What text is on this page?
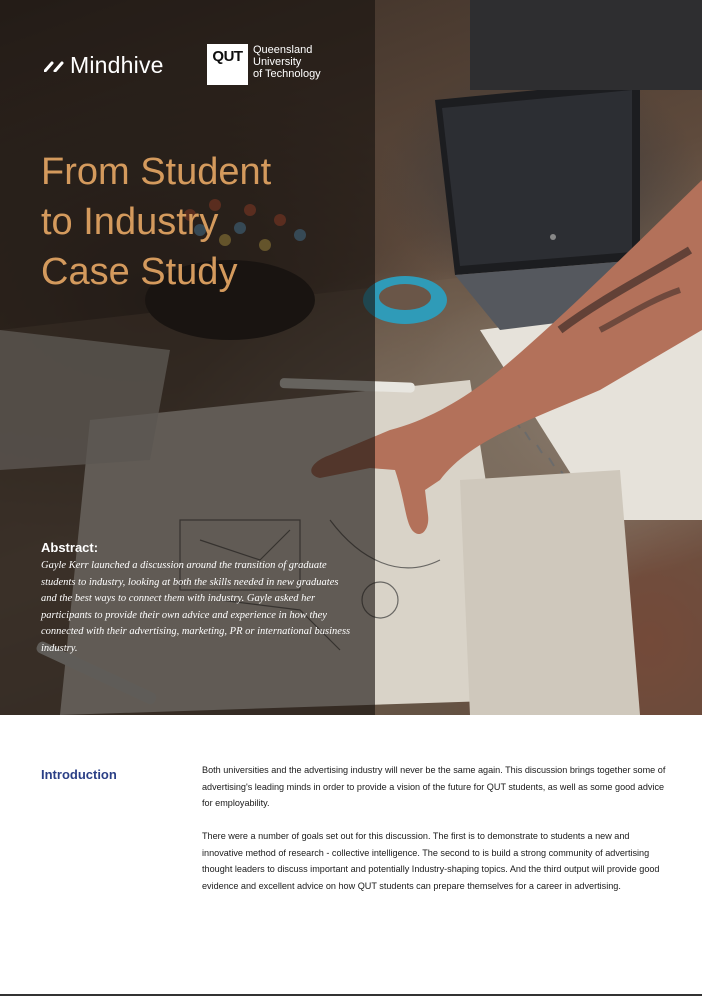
Mindhive	QUT Queensland
University
of Technology
From Student
to Industry
Case Study
Abstract:

Gayle Kerr launched a discussion around the transition of graduate students to industry, looking at both the skills needed in new graduates and the best ways to connect them with industry. Gayle asked her participants to provide their own advice and experience in how they connected with their advertising, marketing, PR or international business industry.

Introduction	Both universities and the advertising industry will never be the same again. This discussion brings together some of advertising's leading minds in order to provide a vision of the future for QUT students, as well as some good advice for employability.

There were a number of goals set out for this discussion. The first is to demonstrate to students a new and innovative method of research - collective intelligence. The second to is build a strong community of advertising thought leaders to discuss important and potentially Industry-shaping topics. And the third output will provide good evidence and excellent advice on how QUT students can prepare themselves for a career in advertising.
